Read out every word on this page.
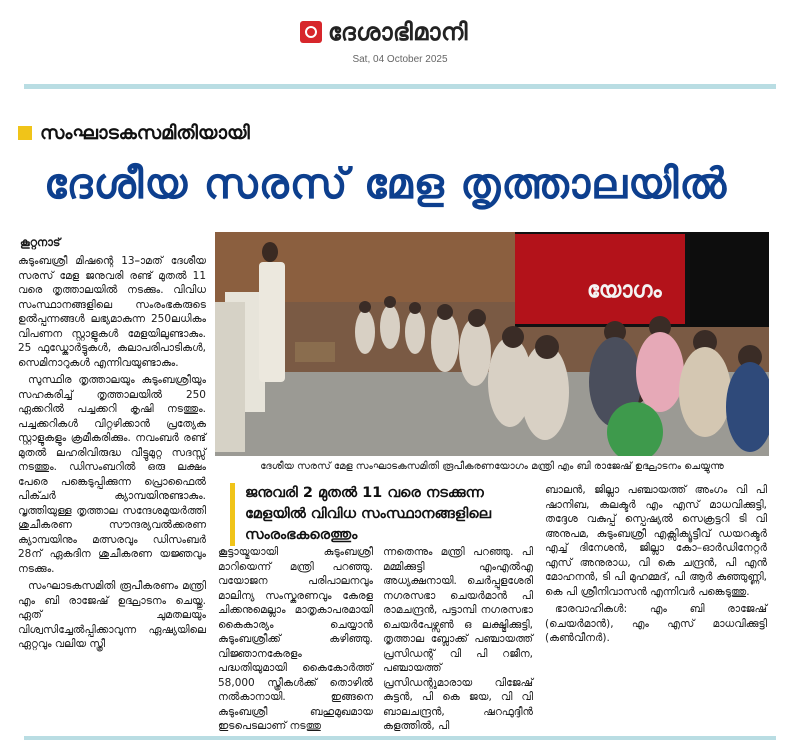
ദേശാഭിമാനി
Sat, 04 October 2025
സംഘാടകസമിതിയായി
ദേശീയ സരസ് മേള തൃത്താലയിൽ
കൂറ്റനാട്

കുടുംബശ്രീ മിഷന്റെ 13–ാമത് ദേശീയ സരസ് മേള ജനുവരി രണ്ട് മുതൽ 11 വരെ തൃത്താലയിൽ നടക്കും. വിവിധ സംസ്ഥാനങ്ങളിലെ സംരംഭകരുടെ ഉൽപ്പന്നങ്ങൾ ലഭ്യമാകുന്ന 250ലധികം വിപണന സ്റ്റാളുകൾ മേളയിലുണ്ടാകും. 25 ഫുഡ്കോർട്ടുകൾ, കലാപരിപാടികൾ, സെമിനാറുകൾ എന്നിവയുണ്ടാകും.

സുസ്ഥിര തൃത്താലയും കുടുംബശ്രീയും സഹകരിച്ച് തൃത്താലയിൽ 250 ഏക്കറിൽ പച്ചക്കറി കൃഷി നടത്തും. പച്ചക്കറികൾ വിറ്റഴിക്കാൻ പ്രത്യേക സ്റ്റാളുകളും ക്രമീകരിക്കും. നവംബർ രണ്ട് മുതൽ ലഹരിവിരുദ്ധ വീട്ടുമുറ്റ സദസ്സ് നടത്തും. ഡിസംബറിൽ ഒരു ലക്ഷം പേരെ പങ്കെടുപ്പിക്കുന്ന പ്രൊഫൈൽ പിക്ചർ ക്യാമ്പയിനുണ്ടാകും. വൃത്തിയുള്ള തൃത്താല സന്ദേശമുയർത്തി ശുചീകരണ സൗന്ദര്യവൽക്കരണ ക്യാമ്പയിനും മത്സരവും ഡിസംബർ 28ന് ഏകദിന ശുചീകരണ യജ്ഞവും നടക്കും.

സംഘാടകസമിതി രൂപീകരണം മന്ത്രി എം ബി രാജേഷ് ഉദ്ഘാടനം ചെയ്തു. ഏത് ചുമതലയും വിശ്വസിച്ചേൽപ്പിക്കാവുന്ന ഏഷ്യയിലെ ഏറ്റവും വലിയ സ്ത്രീ

യോഗം
ദേശീയ സരസ് മേള സംഘാടകസമിതി രൂപീകരണയോഗം മന്ത്രി എം ബി രാജേഷ് ഉദ്ഘാടനം ചെയ്യുന്നു
ജനുവരി 2 മുതൽ 11 വരെ നടക്കുന്ന മേളയിൽ വിവിധ സംസ്ഥാനങ്ങളിലെ സംരംഭകരെത്തും

കൂട്ടായ്മയായി കുടുംബശ്രീ മാറിയെന്ന് മന്ത്രി പറഞ്ഞു. വയോജന പരിപാലനവും മാലിന്യ സംസ്കരണവും കേരള ചിക്കനുമെല്ലാം മാതൃകാപരമായി കൈകാര്യം ചെയ്യാൻ കുടുംബശ്രീക്ക് കഴിഞ്ഞു. വിജ്ഞാനകേരളം പദ്ധതിയുമായി കൈകോർത്ത് 58,000 സ്ത്രീകൾക്ക് തൊഴിൽ നൽകാനായി. ഇങ്ങനെ കുടുംബശ്രീ ബഹുമുഖമായ ഇടപെടലാണ് നടത്തു

ന്നതെന്നും മന്ത്രി പറഞ്ഞു. പി മമ്മിക്കുട്ടി എംഎൽഎ അധ്യക്ഷനായി. ചെർപ്പുളശേരി നഗരസഭാ ചെയർമാൻ പി രാമചന്ദ്രൻ, പട്ടാമ്പി നഗരസഭാ ചെയർപേഴ്സൺ ഒ ലക്ഷ്മിക്കുട്ടി, തൃത്താല ബ്ലോക്ക് പഞ്ചായത്ത് പ്രസിഡന്റ് വി പി റജീന, പഞ്ചായത്ത് പ്രസിഡന്റുമാരായ വിജേഷ് കുട്ടൻ, പി കെ ജയ, വി വി ബാലചന്ദ്രൻ, ഷറഫുദ്ദീൻ കളത്തിൽ, പി

ബാലൻ, ജില്ലാ പഞ്ചായത്ത് അംഗം വി പി ഷാനിബ, കലക്ടർ എം എസ് മാധവിക്കുട്ടി, തദ്ദേശ വകുപ്പ് സ്പെഷ്യൽ സെക്രട്ടറി ടി വി അനുപമ, കുടുംബശ്രീ എക്സിക്യൂട്ടീവ് ഡയറക്ടർ എച്ച് ദിനേശൻ, ജില്ലാ കോ–ഓർഡിനേറ്റർ എസ് അനുരാധ, വി കെ ചന്ദ്രൻ, പി എൻ മോഹനൻ, ടി പി മുഹമ്മദ്, പി ആർ കുഞ്ഞുണ്ണി, കെ പി ശ്രീനിവാസൻ എന്നിവർ പങ്കെടുത്തു.

ഭാരവാഹികൾ: എം ബി രാജേഷ് (ചെയർമാൻ), എം എസ് മാധവിക്കുട്ടി (കൺവീനർ).
